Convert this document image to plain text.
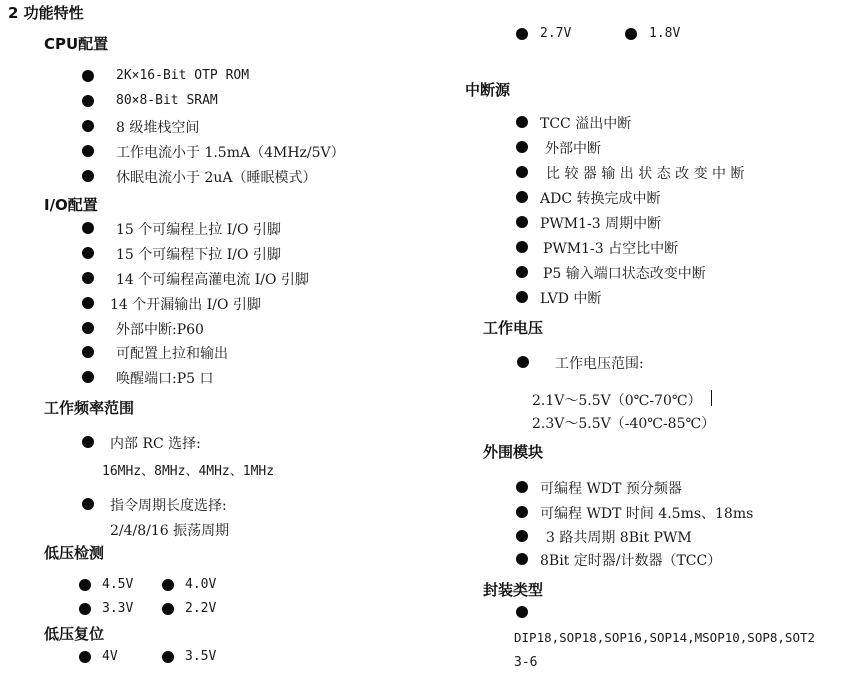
2 功能特性
CPU配置
2K×16-Bit OTP ROM
80×8-Bit SRAM
8 级堆栈空间
工作电流小于 1.5mA（4MHz/5V）
休眠电流小于 2uA（睡眠模式）
I/O配置
15 个可编程上拉 I/O 引脚
15 个可编程下拉 I/O 引脚
14 个可编程高灌电流 I/O 引脚
14 个开漏输出 I/O 引脚
外部中断:P60
可配置上拉和输出
唤醒端口:P5 口
工作频率范围
内部 RC 选择:
16MHz、8MHz、4MHz、1MHz
指令周期长度选择:
2/4/8/16 振荡周期
低压检测
4.5V	4.0V
3.3V	2.2V
低压复位
4V	3.5V
2.7V	1.8V
中断源
TCC 溢出中断
外部中断
比 较 器 输 出 状 态 改 变 中 断
ADC 转换完成中断
PWM1-3 周期中断
PWM1-3 占空比中断
P5 输入端口状态改变中断
LVD 中断
工作电压
工作电压范围:
2.1V～5.5V（0℃-70℃）
2.3V～5.5V（-40℃-85℃）
外围模块
可编程 WDT 预分频器
可编程 WDT 时间 4.5ms、18ms
3 路共周期 8Bit PWM
8Bit 定时器/计数器（TCC）
封装类型
DIP18,SOP18,SOP16,SOP14,MSOP10,SOP8,SOT2
3-6
